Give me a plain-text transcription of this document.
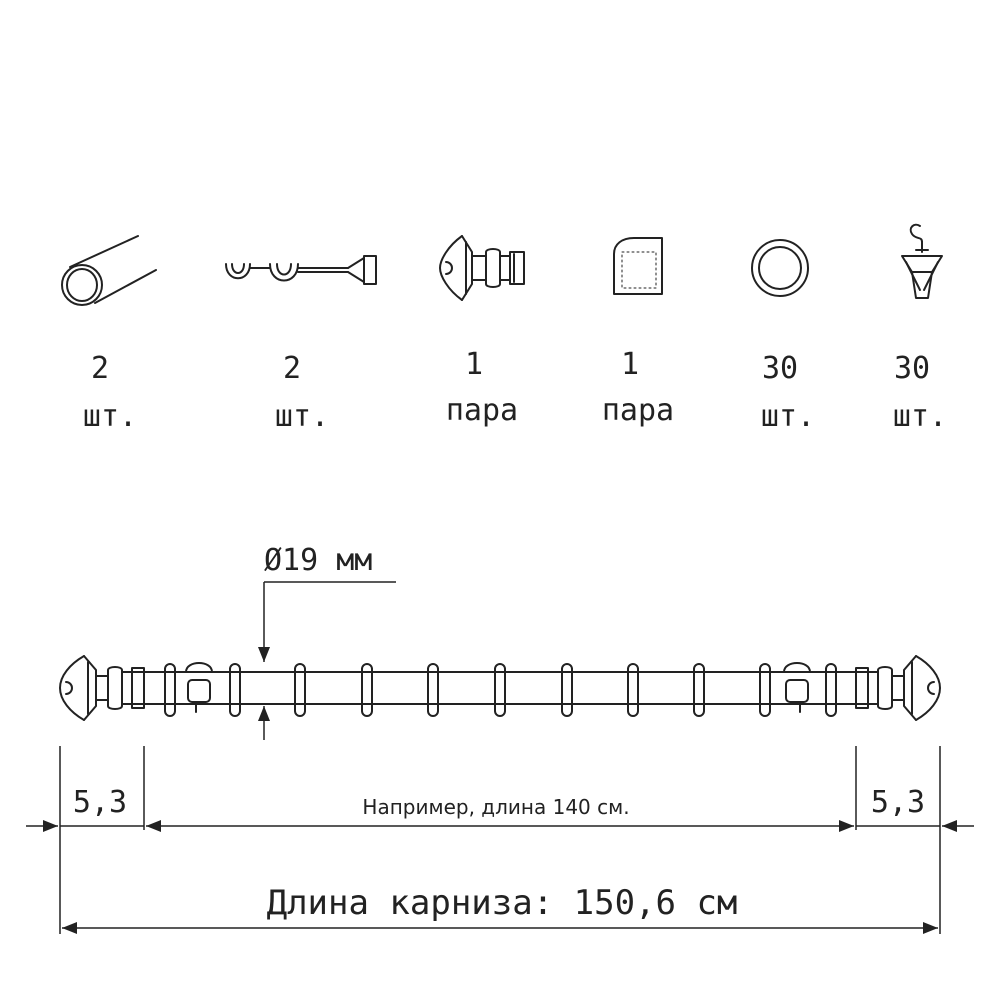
2
шт.
2
шт.
1
пара
1
пара
30
шт.
30
шт.
Ø19 мм
5,3	5,3
Например, длина 140 см.
Длина карниза: 150,6 см
